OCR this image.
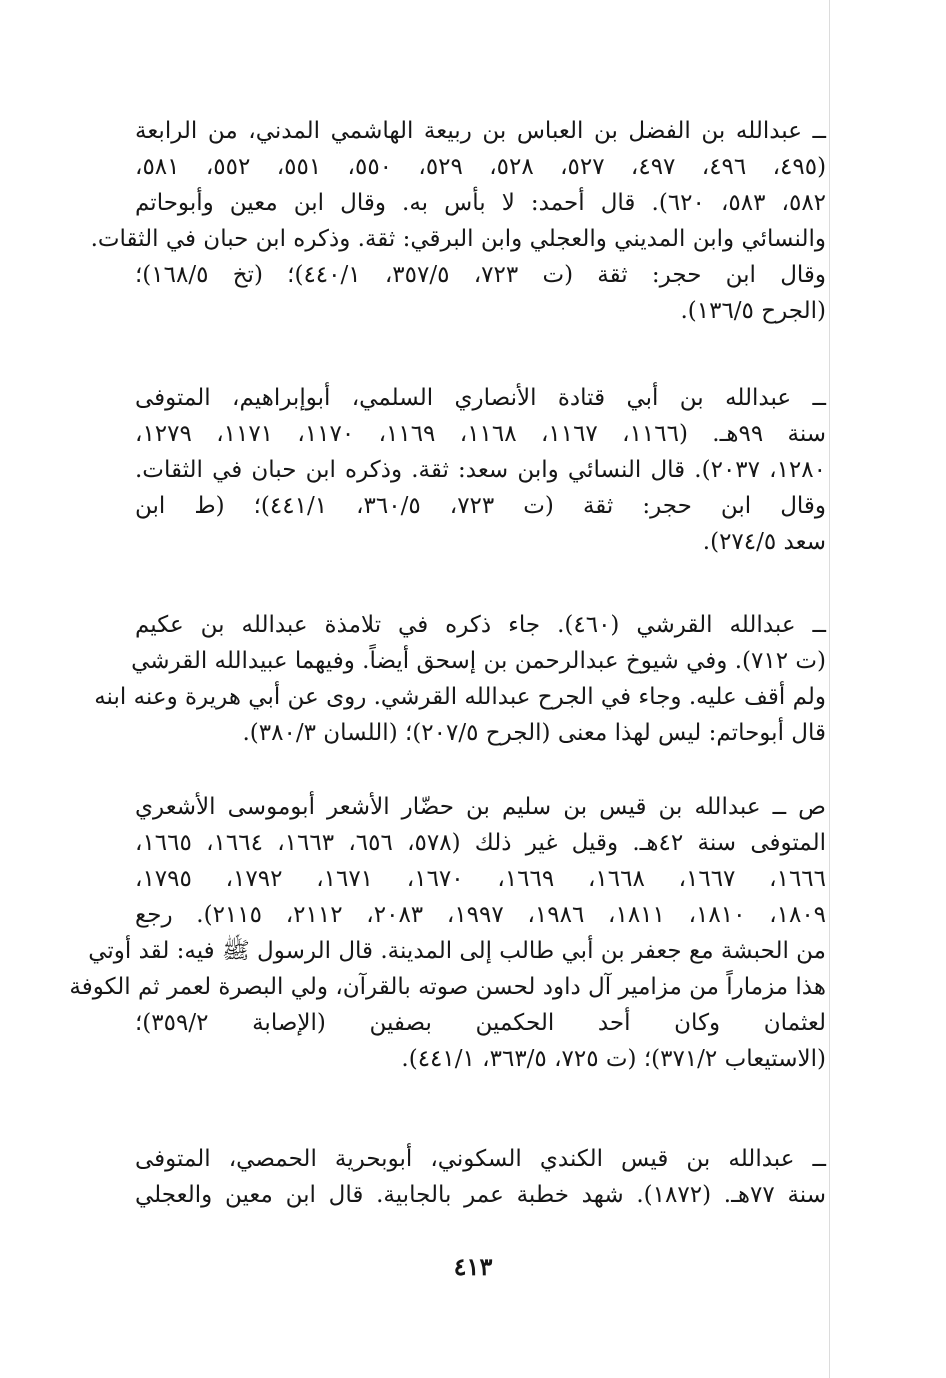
ــ عبدالله بن الفضل بن العباس بن ربيعة الهاشمي المدني، من الرابعة
(٤٩٥، ٤٩٦، ٤٩٧، ٥٢٧، ٥٢٨، ٥٢٩، ٥٥٠، ٥٥١، ٥٥٢، ٥٨١،
٥٨٢، ٥٨٣، ٦٢٠). قال أحمد: لا بأس به. وقال ابن معين وأبوحاتم
والنسائي وابن المديني والعجلي وابن البرقي: ثقة. وذكره ابن حبان في الثقات.
وقال ابن حجر: ثقة (ت ٧٢٣، ٣٥٧/٥، ٤٤٠/١)؛ (تخ ١٦٨/٥)؛
(الجرح ١٣٦/٥).
ــ عبدالله بن أبي قتادة الأنصاري السلمي، أبوإبراهيم، المتوفى
سنة ٩٩هـ. (١١٦٦، ١١٦٧، ١١٦٨، ١١٦٩، ١١٧٠، ١١٧١، ١٢٧٩،
١٢٨٠، ٢٠٣٧). قال النسائي وابن سعد: ثقة. وذكره ابن حبان في الثقات.
وقال ابن حجر: ثقة (ت ٧٢٣، ٣٦٠/٥، ٤٤١/١)؛ (ط ابن
سعد ٢٧٤/٥).
ــ عبدالله القرشي (٤٦٠). جاء ذكره في تلامذة عبدالله بن عكيم
(ت ٧١٢). وفي شيوخ عبدالرحمن بن إسحق أيضاً. وفيهما عبيدالله القرشي
ولم أقف عليه. وجاء في الجرح عبدالله القرشي. روى عن أبي هريرة وعنه ابنه
قال أبوحاتم: ليس لهذا معنى (الجرح ٢٠٧/٥)؛ (اللسان ٣٨٠/٣).
ص ــ عبدالله بن قيس بن سليم بن حضّار الأشعر أبوموسى الأشعري
المتوفى سنة ٤٢هـ. وقيل غير ذلك (٥٧٨، ٦٥٦، ١٦٦٣، ١٦٦٤، ١٦٦٥،
١٦٦٦، ١٦٦٧، ١٦٦٨، ١٦٦٩، ١٦٧٠، ١٦٧١، ١٧٩٢، ١٧٩٥،
١٨٠٩، ١٨١٠، ١٨١١، ١٩٨٦، ١٩٩٧، ٢٠٨٣، ٢١١٢، ٢١١٥). رجع
من الحبشة مع جعفر بن أبي طالب إلى المدينة. قال الرسول ﷺ فيه: لقد أوتي
هذا مزماراً من مزامير آل داود لحسن صوته بالقرآن، ولي البصرة لعمر ثم الكوفة
لعثمان وكان أحد الحكمين بصفين (الإصابة ٣٥٩/٢)؛
(الاستيعاب ٣٧١/٢)؛ (ت ٧٢٥، ٣٦٣/٥، ٤٤١/١).
ــ عبدالله بن قيس الكندي السكوني، أبوبحرية الحمصي، المتوفى
سنة ٧٧هـ. (١٨٧٢). شهد خطبة عمر بالجابية. قال ابن معين والعجلي
٤١٣
